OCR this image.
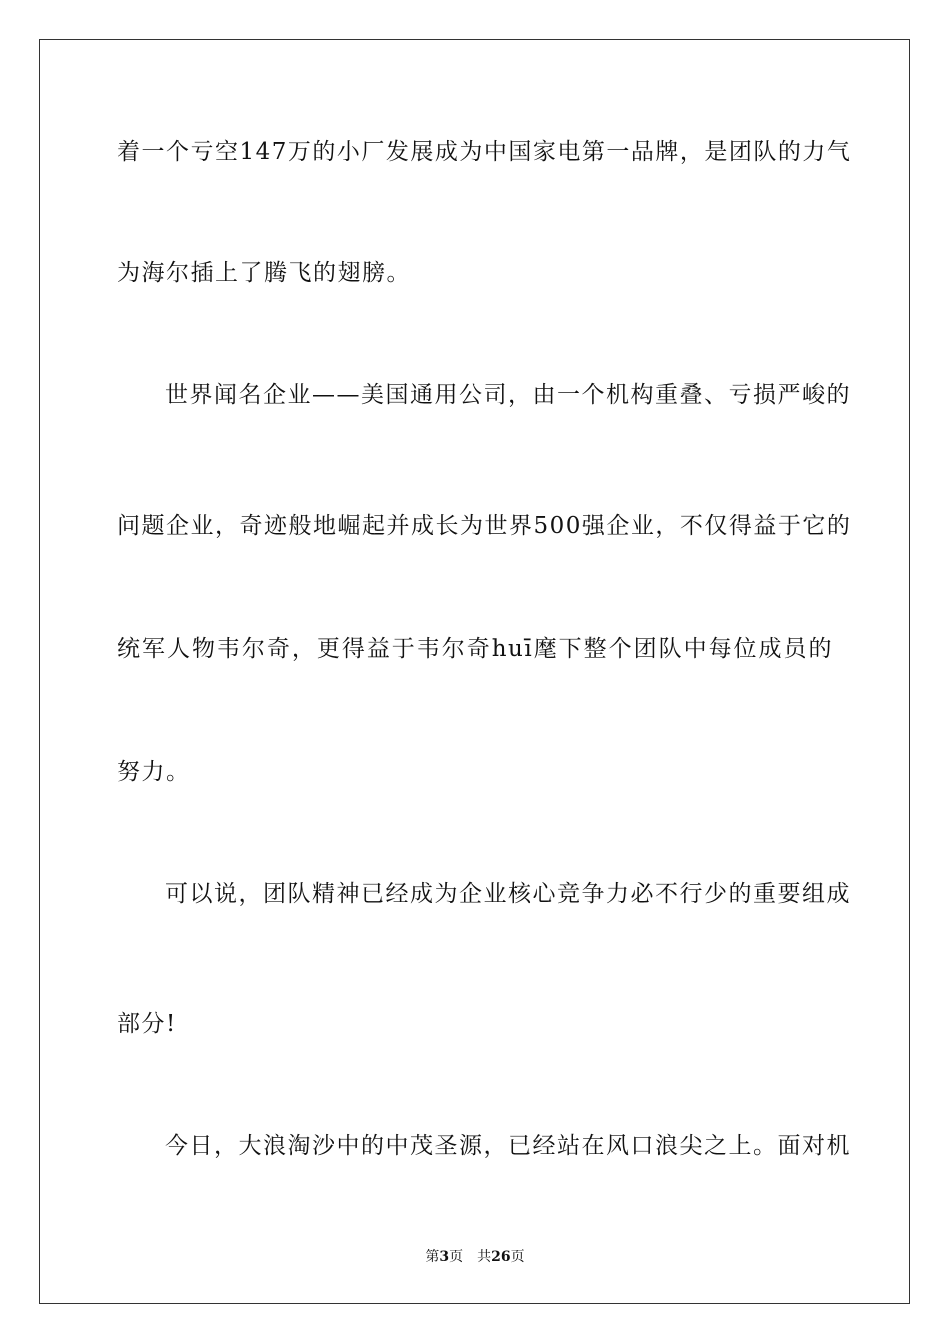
着一个亏空147万的小厂发展成为中国家电第一品牌，是团队的力气
为海尔插上了腾飞的翅膀。
世界闻名企业——美国通用公司，由一个机构重叠、亏损严峻的
问题企业，奇迹般地崛起并成长为世界500强企业，不仅得益于它的
统军人物韦尔奇，更得益于韦尔奇huī麾下整个团队中每位成员的
努力。
可以说，团队精神已经成为企业核心竞争力必不行少的重要组成
部分!
今日，大浪淘沙中的中茂圣源，已经站在风口浪尖之上。面对机
第3页 共26页
